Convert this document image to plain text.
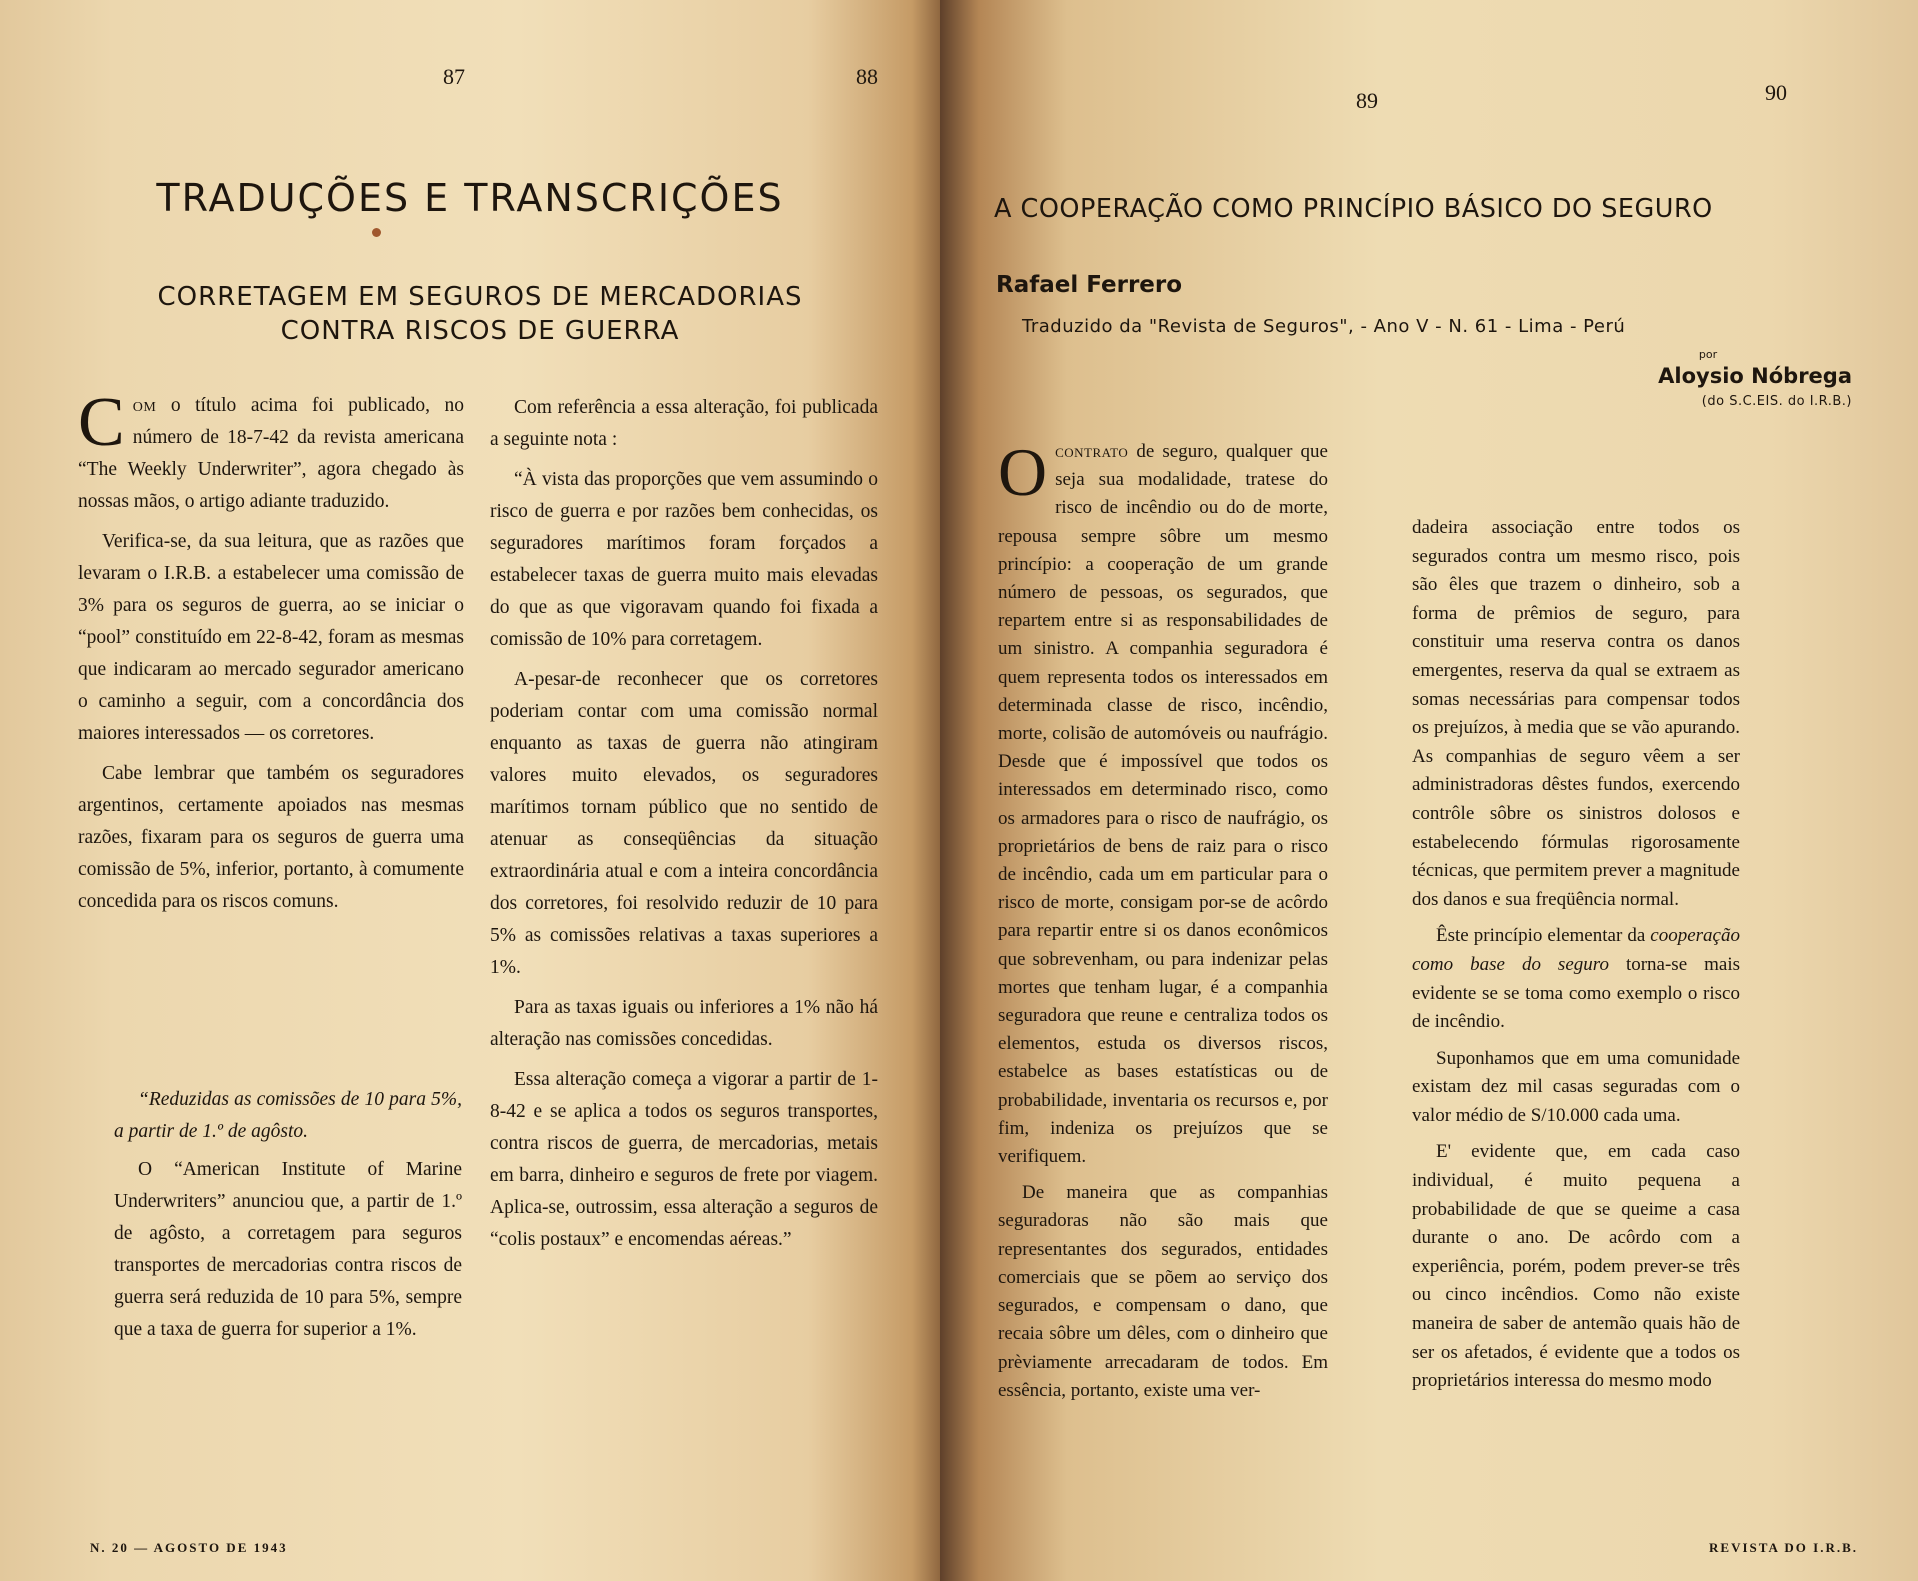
87	88
TRADUÇÕES E TRANSCRIÇÕES
CORRETAGEM EM SEGUROS DE MERCADORIAS
CONTRA RISCOS DE GUERRA

Com o título acima foi publicado, no número de 18-7-42 da revista americana “The Weekly Underwriter”, agora chegado às nossas mãos, o artigo adiante traduzido.

Verifica-se, da sua leitura, que as razões que levaram o I.R.B. a estabelecer uma comissão de 3% para os seguros de guerra, ao se iniciar o “pool” constituído em 22-8-42, foram as mesmas que indicaram ao mercado segurador americano o caminho a seguir, com a concordância dos maiores interessados — os corretores.

Cabe lembrar que também os seguradores argentinos, certamente apoiados nas mesmas razões, fixaram para os seguros de guerra uma comissão de 5%, inferior, portanto, à comumente concedida para os riscos comuns.

“Reduzidas as comissões de 10 para 5%, a partir de 1.º de agôsto.

O “American Institute of Marine Underwriters” anunciou que, a partir de 1.º de agôsto, a corretagem para seguros transportes de mercadorias contra riscos de guerra será reduzida de 10 para 5%, sempre que a taxa de guerra for superior a 1%.

Com referência a essa alteração, foi publicada a seguinte nota :

“À vista das proporções que vem assumindo o risco de guerra e por razões bem conhecidas, os seguradores marítimos foram forçados a estabelecer taxas de guerra muito mais elevadas do que as que vigoravam quando foi fixada a comissão de 10% para corretagem.

A-pesar-de reconhecer que os corretores poderiam contar com uma comissão normal enquanto as taxas de guerra não atingiram valores muito elevados, os seguradores marítimos tornam público que no sentido de atenuar as conseqüências da situação extraordinária atual e com a inteira concordância dos corretores, foi resolvido reduzir de 10 para 5% as comissões relativas a taxas superiores a 1%.

Para as taxas iguais ou inferiores a 1% não há alteração nas comissões concedidas.

Essa alteração começa a vigorar a partir de 1-8-42 e se aplica a todos os seguros transportes, contra riscos de guerra, de mercadorias, metais em barra, dinheiro e seguros de frete por viagem. Aplica-se, outrossim, essa alteração a seguros de “colis postaux” e encomendas aéreas.”

N. 20 — AGOSTO DE 1943
89	90
A COOPERAÇÃO COMO PRINCÍPIO BÁSICO DO SEGURO
Rafael Ferrero
Traduzido da "Revista de Seguros", - Ano V - N. 61 - Lima - Perú
por
Aloysio Nóbrega
(do S.C.EIS. do I.R.B.)

Ocontrato de seguro, qualquer que seja sua modalidade, tratese do risco de incêndio ou do de morte, repousa sempre sôbre um mesmo princípio: a cooperação de um grande número de pessoas, os segurados, que repartem entre si as responsabilidades de um sinistro. A companhia seguradora é quem representa todos os interessados em determinada classe de risco, incêndio, morte, colisão de automóveis ou naufrágio. Desde que é impossível que todos os interessados em determinado risco, como os armadores para o risco de naufrágio, os proprietários de bens de raiz para o risco de incêndio, cada um em particular para o risco de morte, consigam por-se de acôrdo para repartir entre si os danos econômicos que sobrevenham, ou para indenizar pelas mortes que tenham lugar, é a companhia seguradora que reune e centraliza todos os elementos, estuda os diversos riscos, estabelce as bases estatísticas ou de probabilidade, inventaria os recursos e, por fim, indeniza os prejuízos que se verifiquem.

De maneira que as companhias seguradoras não são mais que representantes dos segurados, entidades comerciais que se põem ao serviço dos segurados, e compensam o dano, que recaia sôbre um dêles, com o dinheiro que prèviamente arrecadaram de todos. Em essência, portanto, existe uma ver-

dadeira associação entre todos os segurados contra um mesmo risco, pois são êles que trazem o dinheiro, sob a forma de prêmios de seguro, para constituir uma reserva contra os danos emergentes, reserva da qual se extraem as somas necessárias para compensar todos os prejuízos, à media que se vão apurando. As companhias de seguro vêem a ser administradoras dêstes fundos, exercendo contrôle sôbre os sinistros dolosos e estabelecendo fórmulas rigorosamente técnicas, que permitem prever a magnitude dos danos e sua freqüência normal.

Êste princípio elementar da cooperação como base do seguro torna-se mais evidente se se toma como exemplo o risco de incêndio.

Suponhamos que em uma comunidade existam dez mil casas seguradas com o valor médio de S/10.000 cada uma.

E' evidente que, em cada caso individual, é muito pequena a probabilidade de que se queime a casa durante o ano. De acôrdo com a experiência, porém, podem prever-se três ou cinco incêndios. Como não existe maneira de saber de antemão quais hão de ser os afetados, é evidente que a todos os proprietários interessa do mesmo modo

REVISTA DO I.R.B.
